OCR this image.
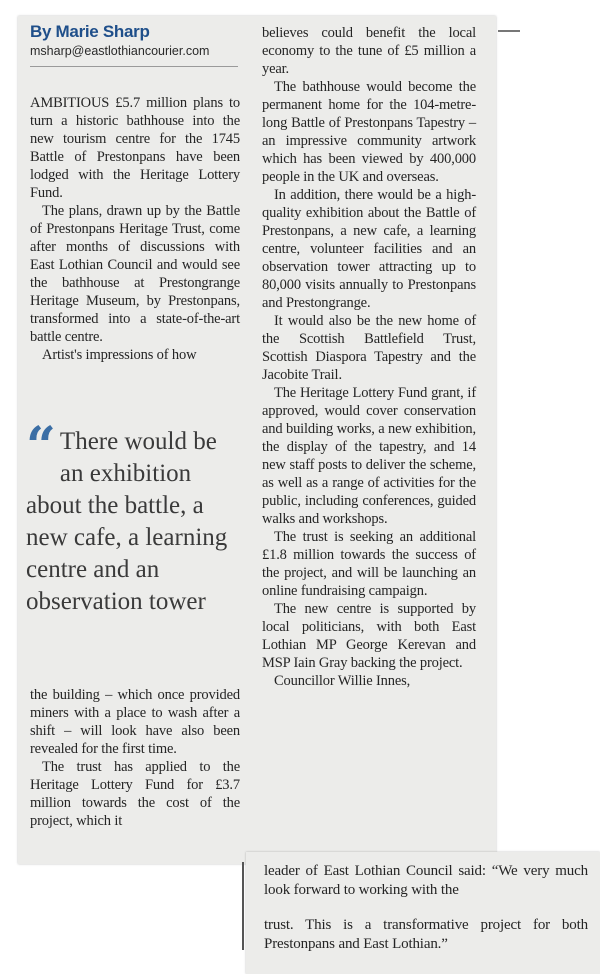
By Marie Sharp

msharp@eastlothiancourier.com

AMBITIOUS £5.7 million plans to turn a historic bathhouse into the new tourism centre for the 1745 Battle of Prestonpans have been lodged with the Heritage Lottery Fund.

The plans, drawn up by the Battle of Prestonpans Heritage Trust, come after months of discussions with East Lothian Council and would see the bathhouse at Prestongrange Heritage Museum, by Prestonpans, transformed into a state-of-the-art battle centre.

Artist's impressions of how

“ There would be an exhibition about the battle, a new cafe, a learning centre and an observation tower

the building – which once provided miners with a place to wash after a shift – will look have also been revealed for the first time.

The trust has applied to the Heritage Lottery Fund for £3.7 million towards the cost of the project, which it

believes could benefit the local economy to the tune of £5 million a year.

The bathhouse would become the permanent home for the 104-metre-long Battle of Prestonpans Tapestry – an impressive community artwork which has been viewed by 400,000 people in the UK and overseas.

In addition, there would be a high-quality exhibition about the Battle of Prestonpans, a new cafe, a learning centre, volunteer facilities and an observation tower attracting up to 80,000 visits annually to Prestonpans and Prestongrange.

It would also be the new home of the Scottish Battlefield Trust, Scottish Diaspora Tapestry and the Jacobite Trail.

The Heritage Lottery Fund grant, if approved, would cover conservation and building works, a new exhibition, the display of the tapestry, and 14 new staff posts to deliver the scheme, as well as a range of activities for the public, including conferences, guided walks and workshops.

The trust is seeking an additional £1.8 million towards the success of the project, and will be launching an online fundraising campaign.

The new centre is supported by local politicians, with both East Lothian MP George Kerevan and MSP Iain Gray backing the project.

Councillor Willie Innes,

leader of East Lothian Council said: “We very much look forward to working with the

trust. This is a transformative project for both Prestonpans and East Lothian.”
